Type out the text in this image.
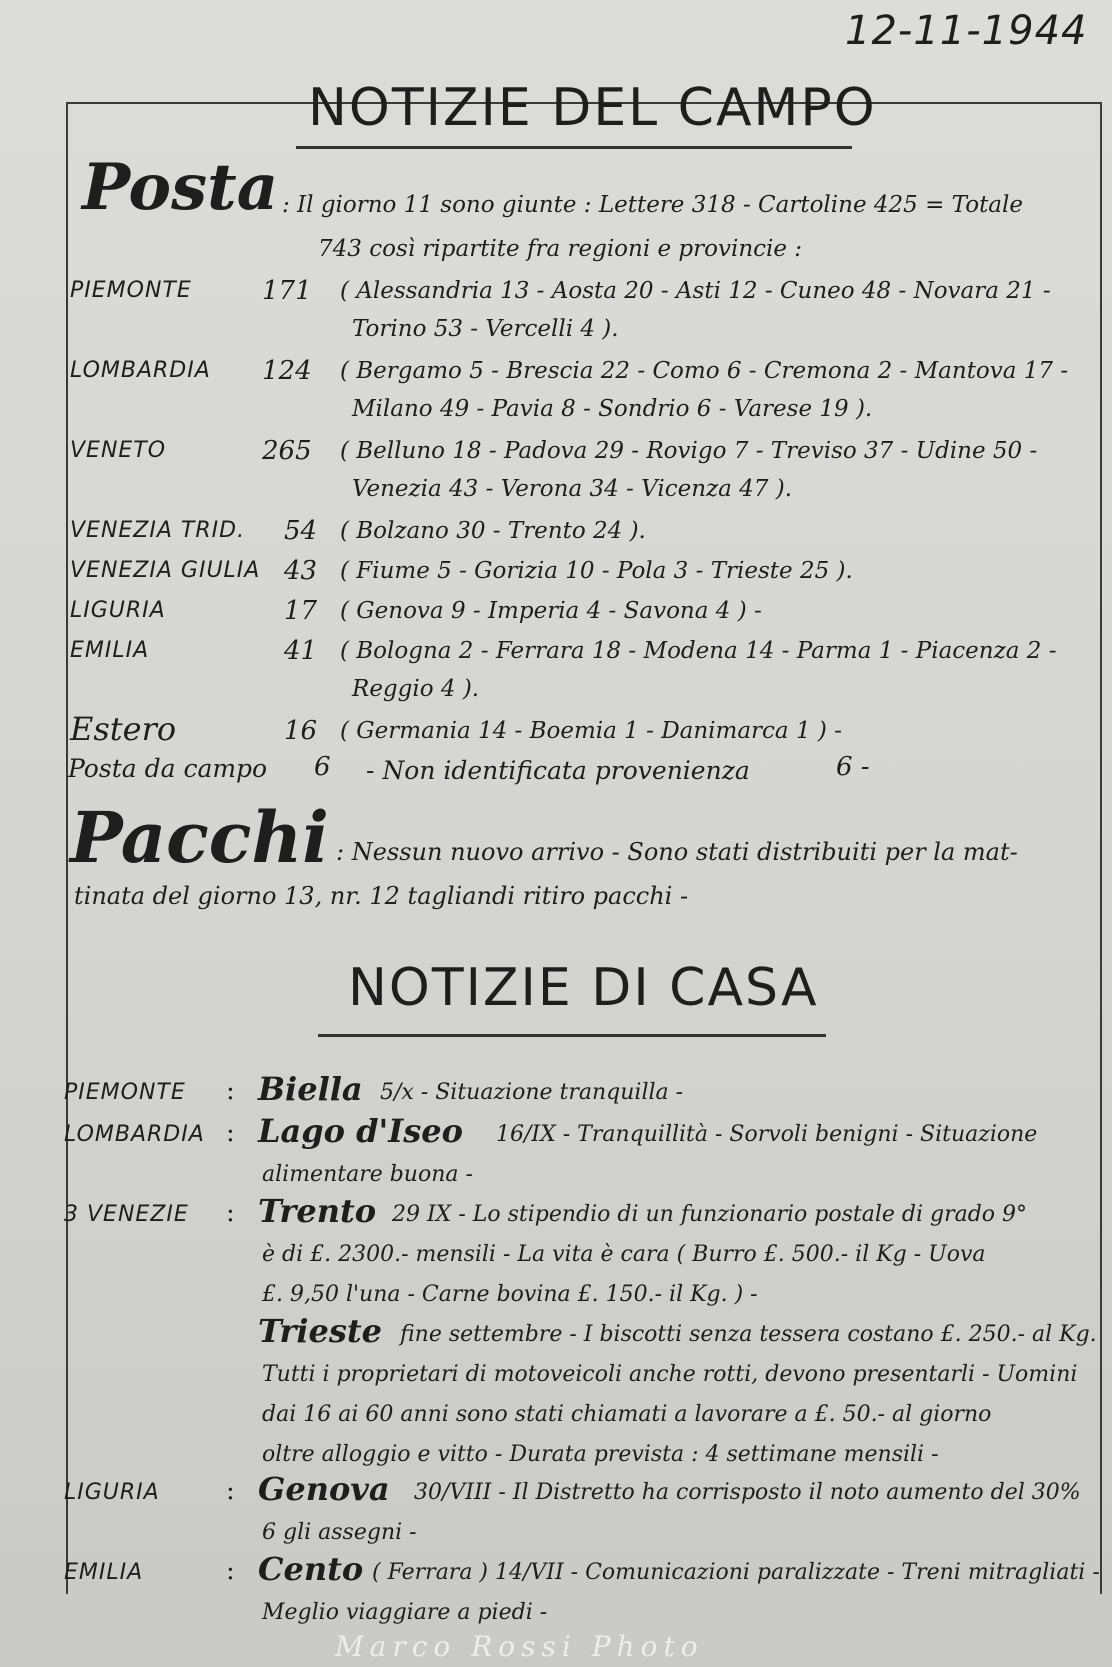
12-11-1944
NOTIZIE DEL CAMPO
Posta : Il giorno 11 sono giunte : Lettere 318 - Cartoline 425 = Totale
743 così ripartite fra regioni e provincie :
PIEMONTE	171 ( Alessandria 13 - Aosta 20 - Asti 12 - Cuneo 48 - Novara 21 -
Torino 53 - Vercelli 4 ).
LOMBARDIA 124 ( Bergamo 5 - Brescia 22 - Como 6 - Cremona 2 - Mantova 17 -
Milano 49 - Pavia 8 - Sondrio 6 - Varese 19 ).
VENETO	265 ( Belluno 18 - Padova 29 - Rovigo 7 - Treviso 37 - Udine 50 -
Venezia 43 - Verona 34 - Vicenza 47 ).
VENEZIA TRID. 54 ( Bolzano 30 - Trento 24 ).
VENEZIA GIULIA 43 ( Fiume 5 - Gorizia 10 - Pola 3 - Trieste 25 ).
LIGURIA	17 ( Genova 9 - Imperia 4 - Savona 4 ) -
EMILIA	41 ( Bologna 2 - Ferrara 18 - Modena 14 - Parma 1 - Piacenza 2 -
Reggio 4 ).
Estero	16 ( Germania 14 - Boemia 1 - Danimarca 1 ) -
Posta da campo 6 - Non identificata provenienza	6 -
Pacchi : Nessun nuovo arrivo - Sono stati distribuiti per la mat-
tinata del giorno 13, nr. 12 tagliandi ritiro pacchi -
NOTIZIE DI CASA
PIEMONTE : Biella 5/x - Situazione tranquilla -
LOMBARDIA : Lago d'Iseo 16/IX - Tranquillità - Sorvoli benigni - Situazione
alimentare buona -
3 VENEZIE : Trento 29 IX - Lo stipendio di un funzionario postale di grado 9°
è di £. 2300.- mensili - La vita è cara ( Burro £. 500.- il Kg - Uova
£. 9,50 l'una - Carne bovina £. 150.- il Kg. ) -
Trieste fine settembre - I biscotti senza tessera costano £. 250.- al Kg.
Tutti i proprietari di motoveicoli anche rotti, devono presentarli - Uomini
dai 16 ai 60 anni sono stati chiamati a lavorare a £. 50.- al giorno
oltre alloggio e vitto - Durata prevista : 4 settimane mensili -
LIGURIA	: Genova 30/VIII - Il Distretto ha corrisposto il noto aumento del 30%
6 gli assegni -
EMILIA	: Cento ( Ferrara ) 14/VII - Comunicazioni paralizzate - Treni mitragliati -
Meglio viaggiare a piedi -
Marco Rossi Photo
